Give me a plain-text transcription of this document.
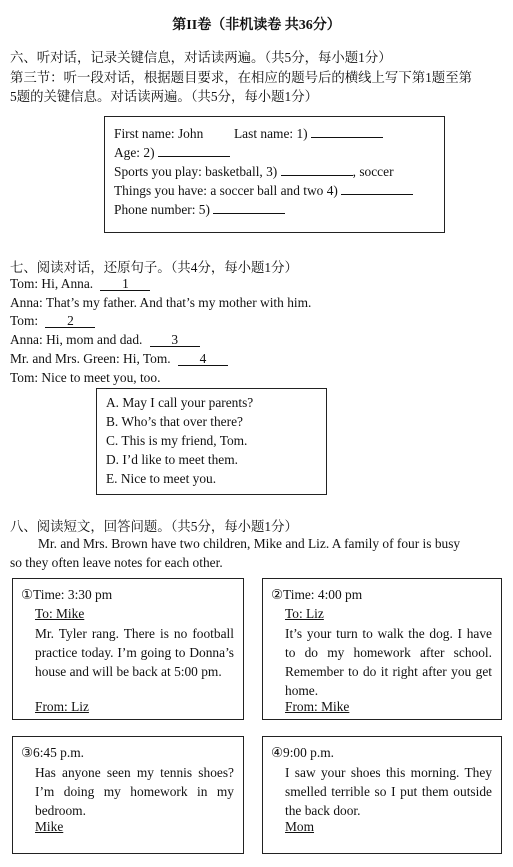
第II卷（非机读卷 共36分）
六、听对话，记录关键信息，对话读两遍。（共5分，每小题1分）
第三节：听一段对话，根据题目要求，在相应的题号后的横线上写下第1题至第
5题的关键信息。对话读两遍。（共5分，每小题1分）
First name: John Last name: 1)
Age: 2)
Sports you play: basketball, 3)	, soccer
Things you have: a soccer ball and two 4)
Phone number: 5)
七、阅读对话，还原句子。（共4分，每小题1分）
Tom: Hi, Anna. 1
Anna: That’s my father. And that’s my mother with him.
Tom: 2
Anna: Hi, mom and dad. 3
Mr. and Mrs. Green: Hi, Tom. 4
Tom: Nice to meet you, too.
A. May I call your parents?
B. Who’s that over there?
C. This is my friend, Tom.
D. I’d like to meet them.
E. Nice to meet you.
八、阅读短文，回答问题。（共5分，每小题1分）
Mr. and Mrs. Brown have two children, Mike and Liz. A family of four is busy
so they often leave notes for each other.
①Time: 3:30 pm
To: Mike
Mr. Tyler rang. There is no football practice today. I’m going to Donna’s house and will be back at 5:00 pm.
From: Liz
②Time: 4:00 pm
To: Liz
It’s your turn to walk the dog. I have to do my homework after school. Remember to do it right after you get home.
From: Mike
③6:45 p.m.
Has anyone seen my tennis shoes? I’m doing my homework in my bedroom.
Mike
④9:00 p.m.
I saw your shoes this morning. They smelled terrible so I put them outside the back door.
Mom
